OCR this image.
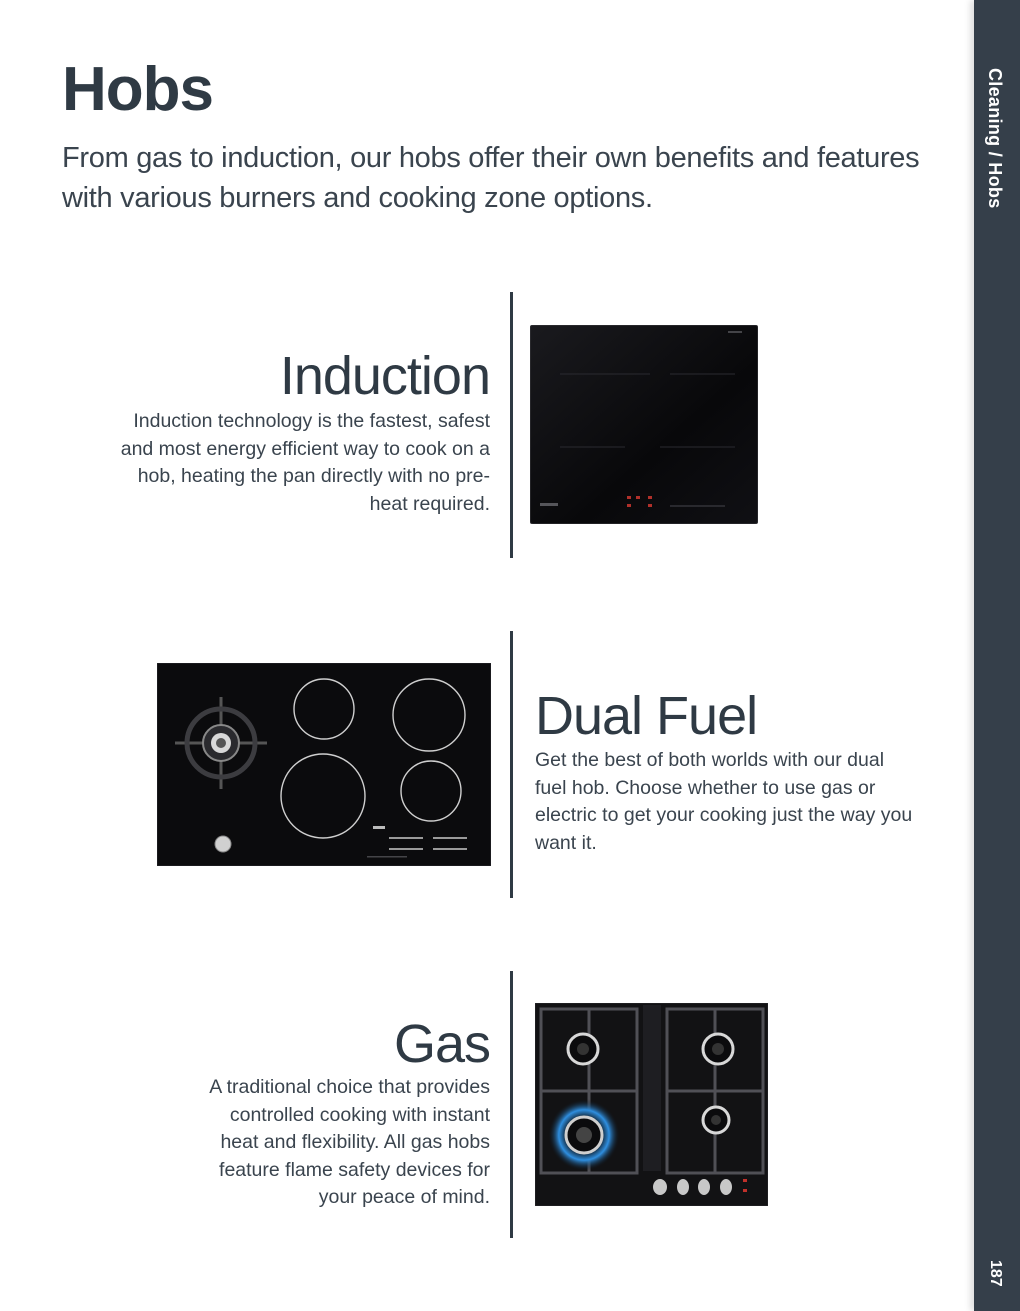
Cleaning / Hobs
187
Hobs

From gas to induction, our hobs offer their own benefits and features with various burners and cooking zone options.

Induction

Induction technology is the fastest, safest and most energy efficient way to cook on a hob, heating the pan directly with no pre-heat required.

Dual Fuel

Get the best of both worlds with our dual fuel hob. Choose whether to use gas or electric to get your cooking just the way you want it.

Gas

A traditional choice that provides controlled cooking with instant heat and flexibility. All gas hobs feature flame safety devices for your peace of mind.
